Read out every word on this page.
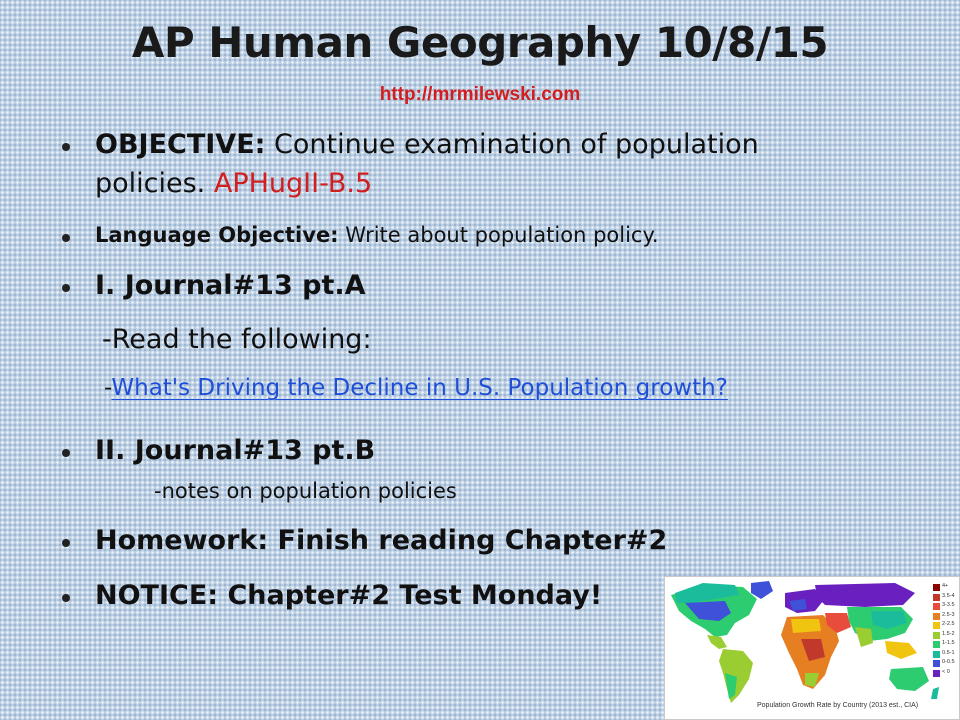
AP Human Geography 10/8/15
http://mrmilewski.com
OBJECTIVE: Continue examination of population
policies. APHugII-B.5
Language Objective: Write about population policy.
I. Journal#13 pt.A
-Read the following:
-What's Driving the Decline in U.S. Population growth?
II. Journal#13 pt.B
-notes on population policies
Homework: Finish reading Chapter#2
NOTICE: Chapter#2 Test Monday!	4+
3.5-4
3-3.5
2.5-3
2-2.5
1.5-2
1-1.5
0.5-1
0-0.5
< 0
Population Growth Rate by Country (2013 est., CIA)
